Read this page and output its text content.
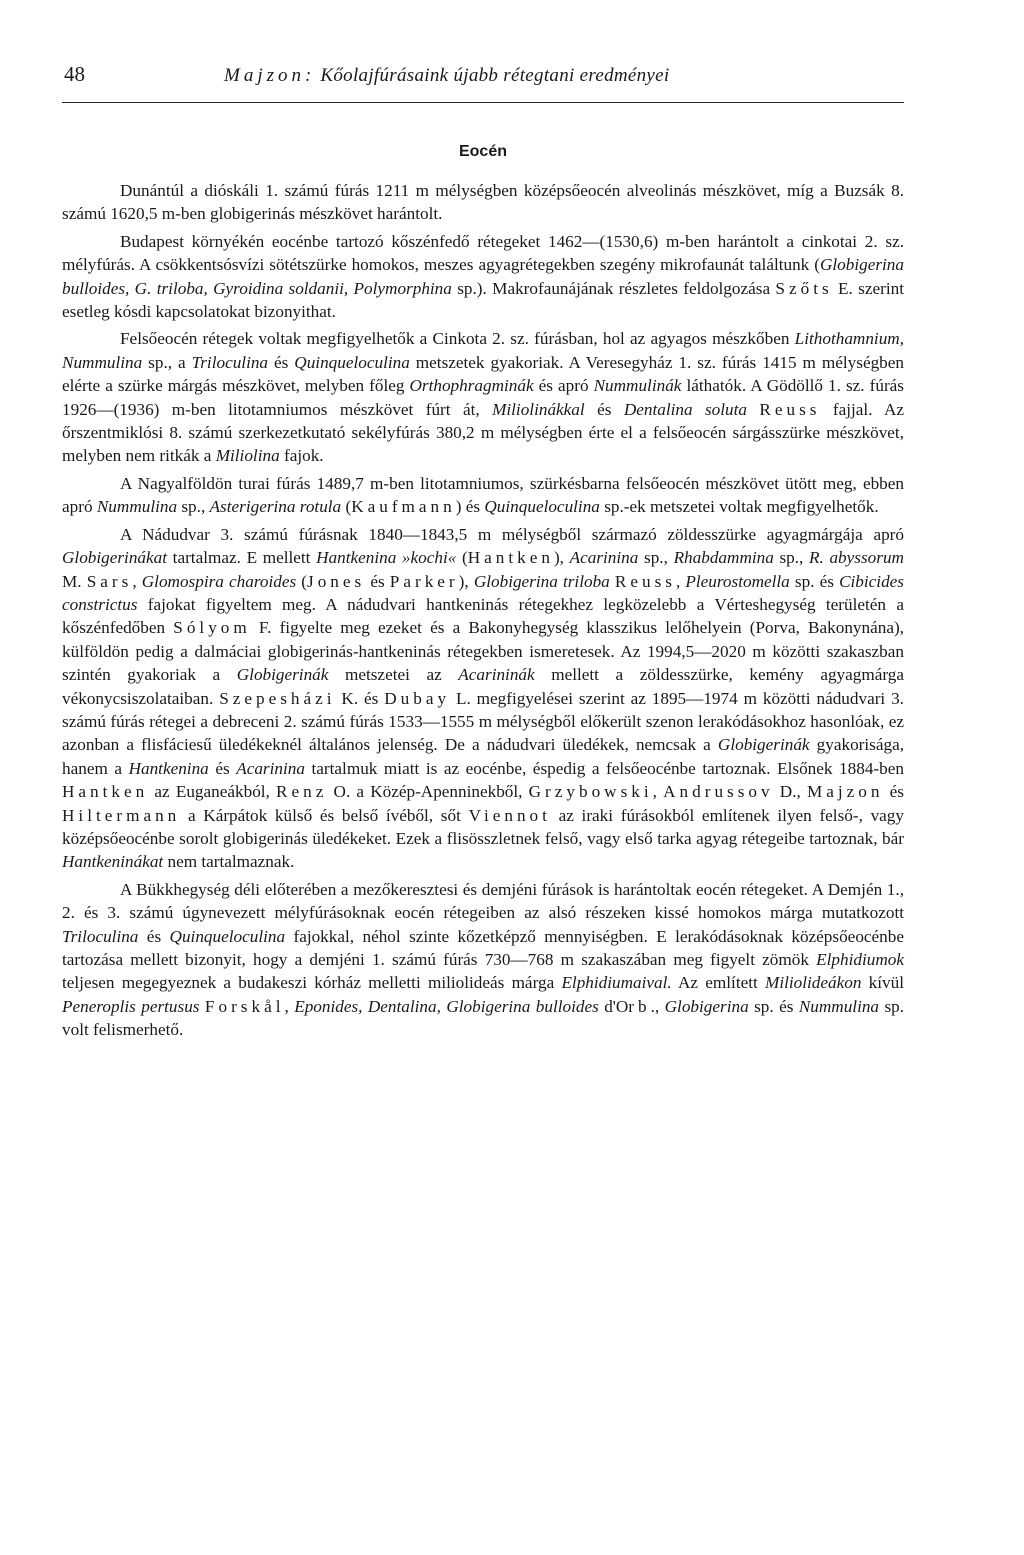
48	Majzon: Kőolajfúrásaink újabb rétegtani eredményei
Eocén

Dunántúl a dióskáli 1. számú fúrás 1211 m mélységben középsőeocén alveolinás mészkövet, míg a Buzsák 8. számú 1620,5 m-ben globigerinás mészkövet harántolt.

Budapest környékén eocénbe tartozó kőszénfedő rétegeket 1462—(1530,6) m-ben harántolt a cinkotai 2. sz. mélyfúrás. A csökkentsósvízi sötétszürke homokos, meszes agyagrétegekben szegény mikrofaunát találtunk (Globigerina bulloides, G. triloba, Gyroidina soldanii, Polymorphina sp.). Makrofaunájának részletes feldolgozása Szőts E. szerint esetleg kósdi kapcsolatokat bizonyithat.

Felsőeocén rétegek voltak megfigyelhetők a Cinkota 2. sz. fúrásban, hol az agyagos mészkőben Lithothamnium, Nummulina sp., a Triloculina és Quinqueloculina metszetek gyakoriak. A Veresegyház 1. sz. fúrás 1415 m mélységben elérte a szürke márgás mészkövet, melyben főleg Orthophragminák és apró Nummulinák láthatók. A Gödöllő 1. sz. fúrás 1926—(1936) m-ben litotamniumos mészkövet fúrt át, Miliolinákkal és Dentalina soluta Reuss fajjal. Az őrszentmiklósi 8. számú szerkezetkutató sekélyfúrás 380,2 m mélységben érte el a felsőeocén sárgásszürke mészkövet, melyben nem ritkák a Miliolina fajok.

A Nagyalföldön turai fúrás 1489,7 m-ben litotamniumos, szürkésbarna felsőeocén mészkövet ütött meg, ebben apró Nummulina sp., Asterigerina rotula (Kaufmann) és Quinqueloculina sp.-ek metszetei voltak megfigyelhetők.

A Nádudvar 3. számú fúrásnak 1840—1843,5 m mélységből származó zöldesszürke agyagmárgája apró Globigerinákat tartalmaz. E mellett Hantkenina »kochi« (Hantken), Acarinina sp., Rhabdammina sp., R. abyssorum M. Sars, Glomospira charoides (Jones és Parker), Globigerina triloba Reuss, Pleurostomella sp. és Cibicides constrictus fajokat figyeltem meg. A nádudvari hantkeninás rétegekhez legközelebb a Vérteshegység területén a kőszénfedőben Sólyom F. figyelte meg ezeket és a Bakonyhegység klasszikus lelőhelyein (Porva, Bakonynána), külföldön pedig a dalmáciai globigerinás-hantkeninás rétegekben ismeretesek. Az 1994,5—2020 m közötti szakaszban szintén gyakoriak a Globigerinák metszetei az Acarininák mellett a zöldesszürke, kemény agyagmárga vékonycsiszolataiban. Szepesházi K. és Dubay L. megfigyelései szerint az 1895—1974 m közötti nádudvari 3. számú fúrás rétegei a debreceni 2. számú fúrás 1533—1555 m mélységből előkerült szenon lerakódásokhoz hasonlóak, ez azonban a flisfáciesű üledékeknél általános jelenség. De a nádudvari üledékek, nemcsak a Globigerinák gyakorisága, hanem a Hantkenina és Acarinina tartalmuk miatt is az eocénbe, éspedig a felsőeocénbe tartoznak. Elsőnek 1884-ben Hantken az Euganeákból, Renz O. a Közép-Apenninekből, Grzybowski, Andrussov D., Majzon és Hiltermann a Kárpátok külső és belső ívéből, sőt Viennot az iraki fúrásokból említenek ilyen felső-, vagy középsőeocénbe sorolt globigerinás üledékeket. Ezek a flisösszletnek felső, vagy első tarka agyag rétegeibe tartoznak, bár Hantkeninákat nem tartalmaznak.

A Bükkhegység déli előterében a mezőkeresztesi és demjéni fúrások is harántoltak eocén rétegeket. A Demjén 1., 2. és 3. számú úgynevezett mélyfúrásoknak eocén rétegeiben az alsó részeken kissé homokos márga mutatkozott Triloculina és Quinqueloculina fajokkal, néhol szinte kőzetképző mennyiségben. E lerakódásoknak középsőeocénbe tartozása mellett bizonyit, hogy a demjéni 1. számú fúrás 730—768 m szakaszában meg figyelt zömök Elphidiumok teljesen megegyeznek a budakeszi kórház melletti miliolideás márga Elphidiumaival. Az említett Miliolideákon kívül Peneroplis pertusus Forskål, Eponides, Dentalina, Globigerina bulloides d'Orb., Globigerina sp. és Nummulina sp. volt felismerhető.
